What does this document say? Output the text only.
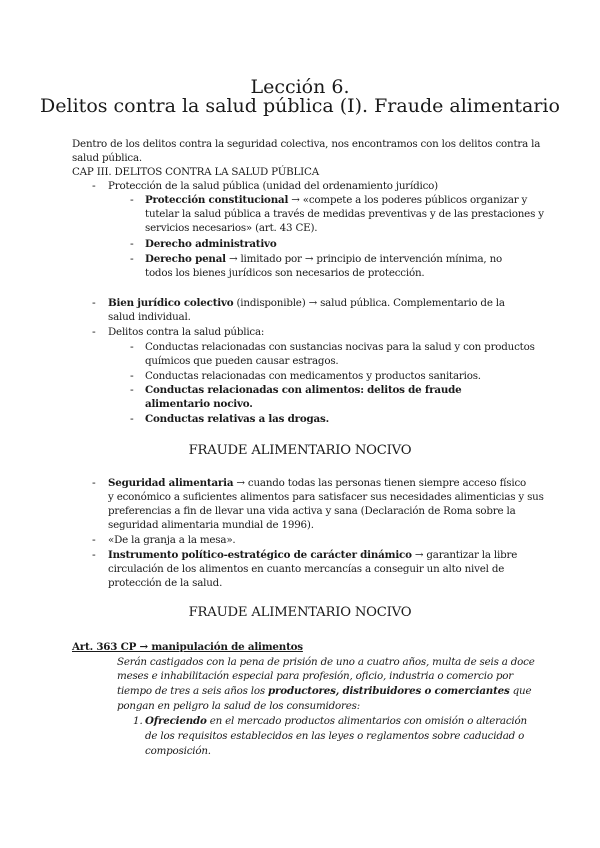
Lección 6.
Delitos contra la salud pública (I). Fraude alimentario
Dentro de los delitos contra la seguridad colectiva, nos encontramos con los delitos contra la
salud pública.
CAP III. DELITOS CONTRA LA SALUD PÚBLICA
- Protección de la salud pública (unidad del ordenamiento jurídico)
- Protección constitucional → «compete a los poderes públicos organizar y
tutelar la salud pública a través de medidas preventivas y de las prestaciones y
servicios necesarios» (art. 43 CE).
- Derecho administrativo
- Derecho penal → limitado por → principio de intervención mínima, no
todos los bienes jurídicos son necesarios de protección.
- Bien jurídico colectivo (indisponible) → salud pública. Complementario de la
salud individual.
- Delitos contra la salud pública:
- Conductas relacionadas con sustancias nocivas para la salud y con productos
químicos que pueden causar estragos.
- Conductas relacionadas con medicamentos y productos sanitarios.
- Conductas relacionadas con alimentos: delitos de fraude
alimentario nocivo.
- Conductas relativas a las drogas.
FRAUDE ALIMENTARIO NOCIVO
- Seguridad alimentaria → cuando todas las personas tienen siempre acceso físico
y económico a suficientes alimentos para satisfacer sus necesidades alimenticias y sus
preferencias a fin de llevar una vida activa y sana (Declaración de Roma sobre la
seguridad alimentaria mundial de 1996).
- «De la granja a la mesa».
- Instrumento político-estratégico de carácter dinámico → garantizar la libre
circulación de los alimentos en cuanto mercancías a conseguir un alto nivel de
protección de la salud.
FRAUDE ALIMENTARIO NOCIVO
Art. 363 CP → manipulación de alimentos
Serán castigados con la pena de prisión de uno a cuatro años, multa de seis a doce
meses e inhabilitación especial para profesión, oficio, industria o comercio por
tiempo de tres a seis años los productores, distribuidores o comerciantes que
pongan en peligro la salud de los consumidores:
1. Ofreciendo en el mercado productos alimentarios con omisión o alteración
de los requisitos establecidos en las leyes o reglamentos sobre caducidad o
composición.
